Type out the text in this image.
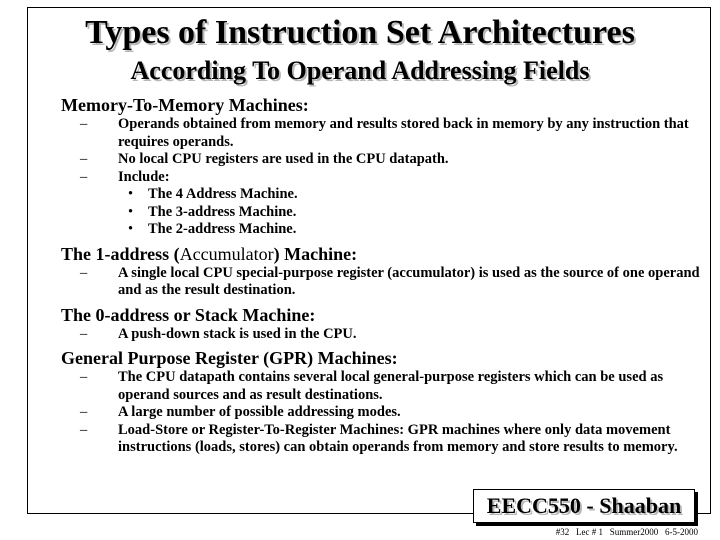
Types of Instruction Set Architectures
According To Operand Addressing Fields

Memory-To-Memory Machines:

– Operands obtained from memory and results stored back in memory by any instruction that requires operands.
– No local CPU registers are used in the CPU datapath.
– Include:
• The 4 Address Machine.
• The 3-address Machine.
• The 2-address Machine.

The 1-address (Accumulator) Machine:

– A single local CPU special-purpose register (accumulator) is used as the source of one operand and as the result destination.

The 0-address or Stack Machine:

– A push-down stack is used in the CPU.

General Purpose Register (GPR) Machines:

– The CPU datapath contains several local general-purpose registers which can be used as operand sources and as result destinations.
– A large number of possible addressing modes.
– Load-Store or Register-To-Register Machines: GPR machines where only data movement instructions (loads, stores) can obtain operands from memory and store results to memory.
EECC550 - Shaaban
#32   Lec # 1   Summer2000   6-5-2000
